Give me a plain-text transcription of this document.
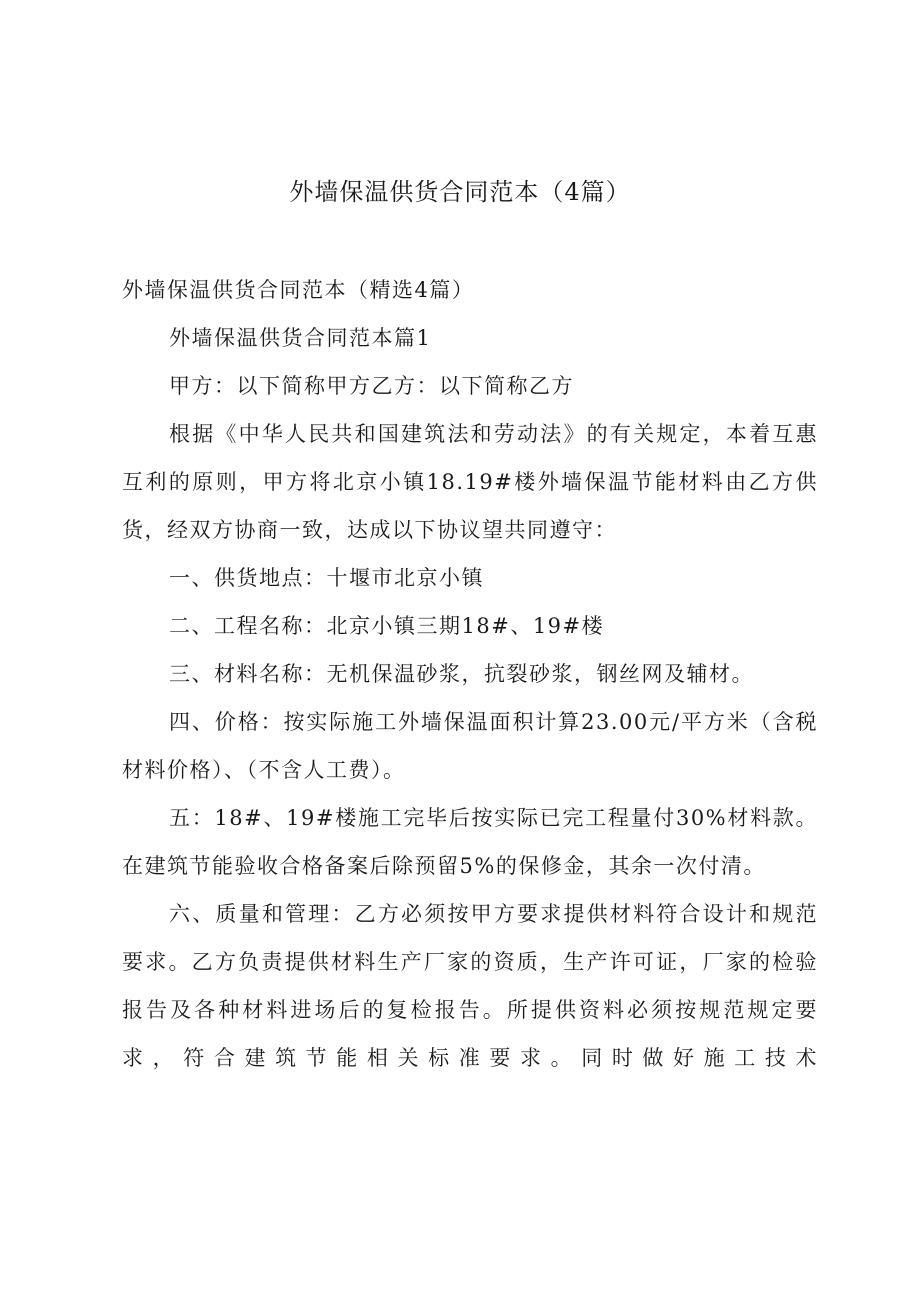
外墙保温供货合同范本（4篇）

外墙保温供货合同范本（精选4篇）

外墙保温供货合同范本篇1

甲方：以下简称甲方乙方：以下简称乙方

根据《中华人民共和国建筑法和劳动法》的有关规定，本着互惠互利的原则，甲方将北京小镇18.19#楼外墙保温节能材料由乙方供货，经双方协商一致，达成以下协议望共同遵守：

一、供货地点：十堰市北京小镇

二、工程名称：北京小镇三期18#、19#楼

三、材料名称：无机保温砂浆，抗裂砂浆，钢丝网及辅材。

四、价格：按实际施工外墙保温面积计算23.00元/平方米（含税材料价格）、（不含人工费）。

五：18#、19#楼施工完毕后按实际已完工程量付30%材料款。在建筑节能验收合格备案后除预留5%的保修金，其余一次付清。

六、质量和管理：乙方必须按甲方要求提供材料符合设计和规范要求。乙方负责提供材料生产厂家的资质，生产许可证，厂家的检验报告及各种材料进场后的复检报告。所提供资料必须按规范规定要求，符合建筑节能相关标准要求。同时做好施工技术
